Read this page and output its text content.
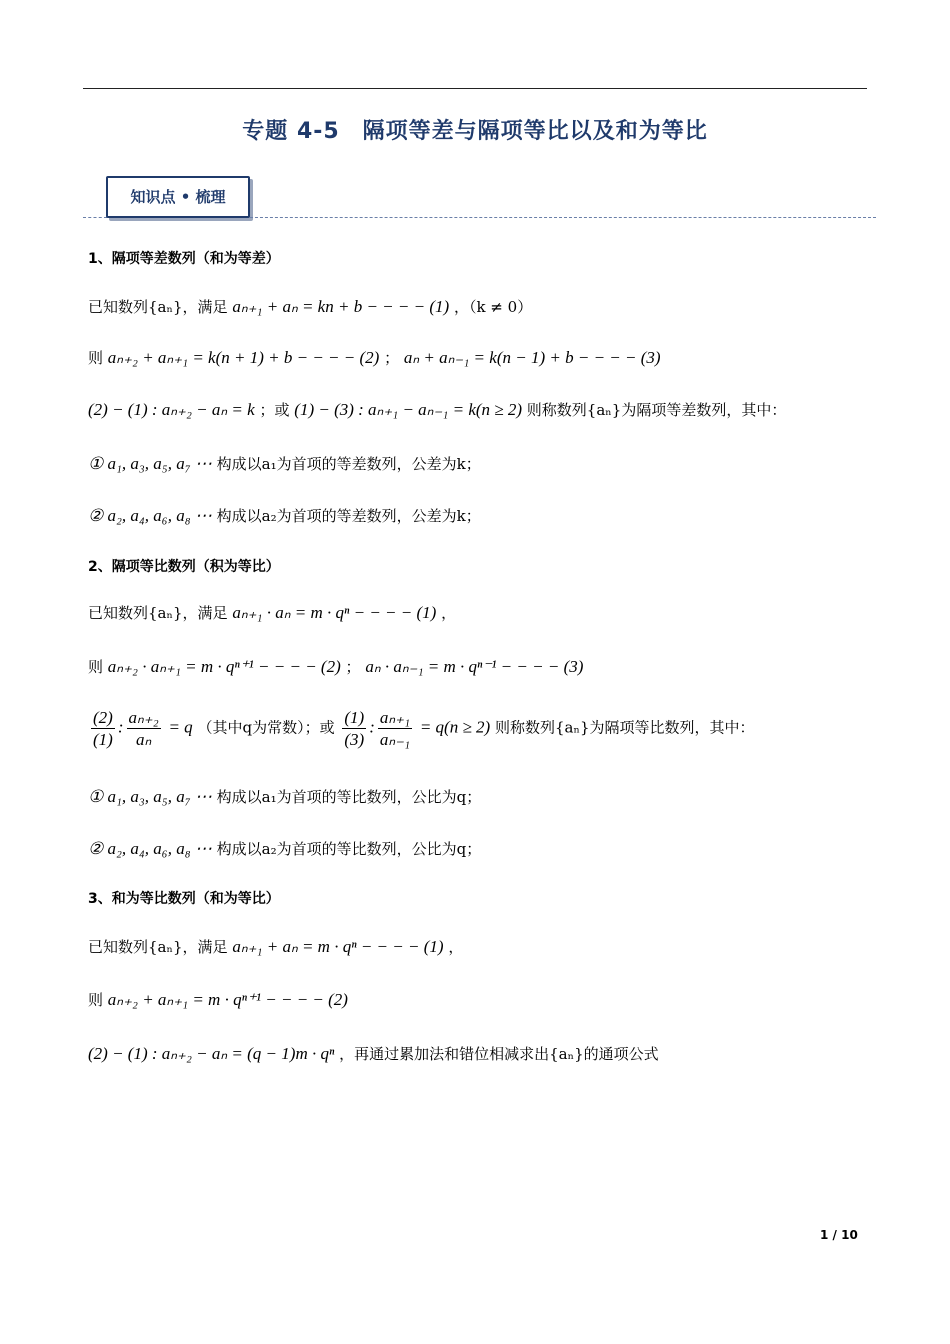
专题 4-5　隔项等差与隔项等比以及和为等比
知识点 • 梳理
1、隔项等差数列（和为等差）
已知数列{aₙ}，满足 aₙ₊₁ + aₙ = kn + b − − − − (1) ，（k ≠ 0）
则 aₙ₊₂ + aₙ₊₁ = k(n + 1) + b − − − − (2) ； aₙ + aₙ₋₁ = k(n − 1) + b − − − − (3)
(2) − (1) : aₙ₊₂ − aₙ = k ；或 (1) − (3) : aₙ₊₁ − aₙ₋₁ = k(n ≥ 2) 则称数列{aₙ}为隔项等差数列，其中：
① a₁, a₃, a₅, a₇ ⋯ 构成以a₁为首项的等差数列，公差为k；
② a₂, a₄, a₆, a₈ ⋯ 构成以a₂为首项的等差数列，公差为k；
2、隔项等比数列（积为等比）
已知数列{aₙ}，满足 aₙ₊₁ · aₙ = m · qⁿ − − − − (1) ，
则 aₙ₊₂ · aₙ₊₁ = m · qⁿ⁺¹ − − − − (2) ； aₙ · aₙ₋₁ = m · qⁿ⁻¹ − − − − (3)
$\frac{(2)}{(1)}$ : $\frac{\text{aₙ₊₂}}{\text{aₙ}} = q$ （其中q为常数）；或 $\frac{(1)}{(3)}$ : $\frac{\text{aₙ₊₁}}{\text{aₙ₋₁}} = q(n \ge 2)$ 则称数列{aₙ}为隔项等比数列，其中：
① a₁, a₃, a₅, a₇ ⋯ 构成以a₁为首项的等比数列，公比为q；
② a₂, a₄, a₆, a₈ ⋯ 构成以a₂为首项的等比数列，公比为q；
3、和为等比数列（和为等比）
已知数列{aₙ}，满足 aₙ₊₁ + aₙ = m · qⁿ − − − − (1) ，
则 aₙ₊₂ + aₙ₊₁ = m · qⁿ⁺¹ − − − − (2)
(2) − (1) : aₙ₊₂ − aₙ = (q − 1)m · qⁿ ，再通过累加法和错位相减求出{aₙ}的通项公式
1 / 10
